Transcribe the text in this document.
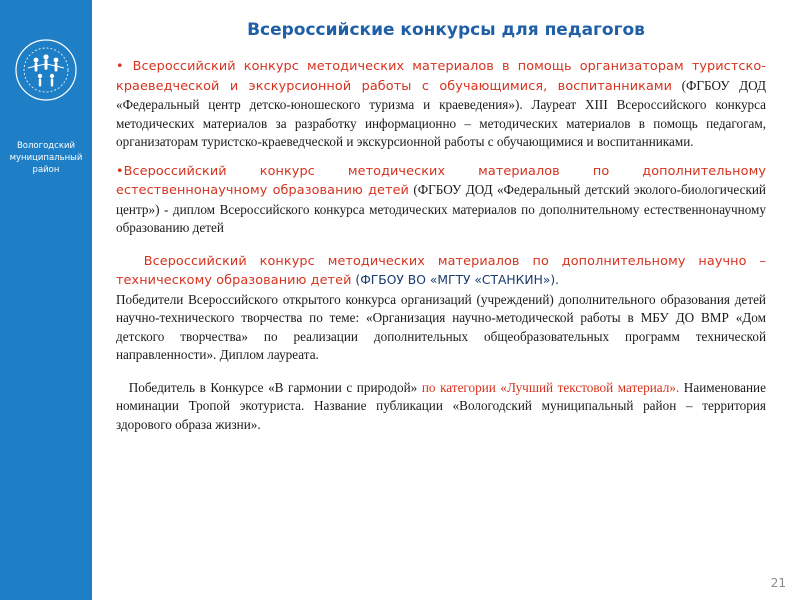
Вологодский
муниципальный
район
Всероссийские конкурсы для педагогов

• Всероссийский конкурс методических материалов в помощь организаторам туристско-краеведческой и экскурсионной работы с обучающимися, воспитанниками (ФГБОУ ДОД «Федеральный центр детско-юношеского туризма и краеведения»). Лауреат XIII Всероссийского конкурса методических материалов за разработку информационно – методических материалов в помощь педагогам, организаторам туристско-краеведческой и экскурсионной работы с обучающимися и воспитанниками.

•Всероссийский конкурс методических материалов по дополнительному естественнонаучному образованию детей (ФГБОУ ДОД «Федеральный детский эколого-биологический центр») - диплом Всероссийского конкурса методических материалов по дополнительному естественнонаучному образованию детей

Всероссийский конкурс методических материалов по дополнительному научно – техническому образованию детей (ФГБОУ ВО «МГТУ «СТАНКИН»).
Победители Всероссийского открытого конкурса организаций (учреждений) дополнительного образования детей научно-технического творчества по теме: «Организация научно-методической работы в МБУ ДО ВМР «Дом детского творчества» по реализации дополнительных общеобразовательных программ технической направленности». Диплом лауреата.

Победитель в Конкурсе «В гармонии с природой» по категории «Лучший текстовой материал». Наименование номинации Тропой экотуриста. Название публикации «Вологодский муниципальный район – территория здорового образа жизни».

21
